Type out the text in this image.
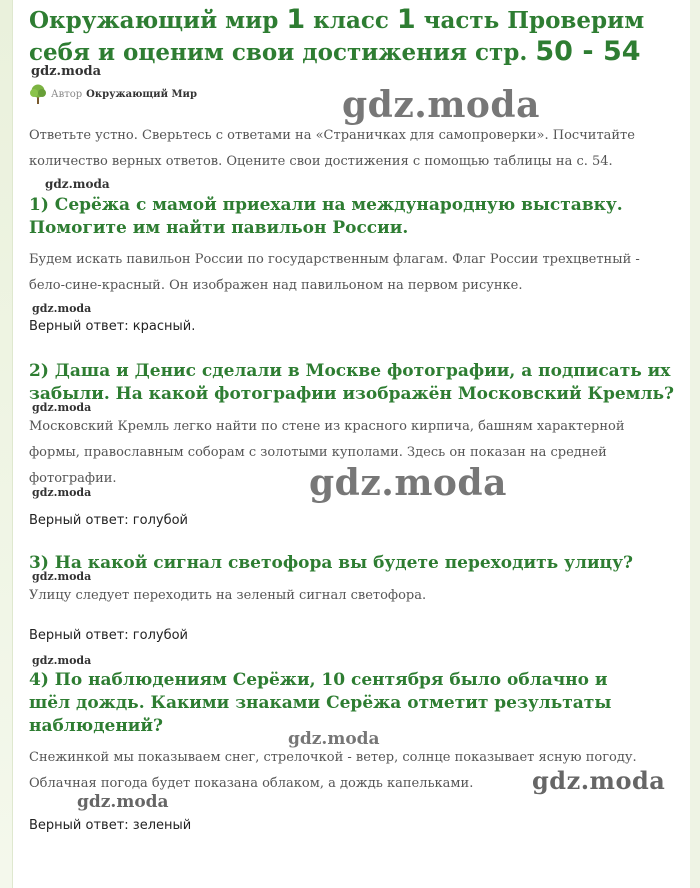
Окружающий мир 1 класс 1 часть Проверим себя и оценим свои достижения стр. 50 - 54
gdz.moda
Автор Окружающий Мир	gdz.moda
Ответьте устно. Сверьтесь с ответами на «Страничках для самопроверки». Посчитайте количество верных ответов. Оцените свои достижения с помощью таблицы на с. 54.
gdz.moda
1) Серёжа с мамой приехали на международную выставку. Помогите им найти павильон России.
Будем искать павильон России по государственным флагам. Флаг России трехцветный - бело-сине-красный. Он изображен над павильоном на первом рисунке.
gdz.moda
Верный ответ: красный.
2) Даша и Денис сделали в Москве фотографии, а подписать их забыли. На какой фотографии изображён Московский Кремль?
gdz.moda
Московский Кремль легко найти по стене из красного кирпича, башням характерной формы, православным соборам с золотыми куполами. Здесь он показан на средней фотографии.	gdz.moda
gdz.moda
Верный ответ: голубой
3) На какой сигнал светофора вы будете переходить улицу?
gdz.moda
Улицу следует переходить на зеленый сигнал светофора.
Верный ответ: голубой
gdz.moda
4) По наблюдениям Серёжи, 10 сентября было облачно и шёл дождь. Какими знаками Серёжа отметит результаты наблюдений?
gdz.moda
Снежинкой мы показываем снег, стрелочкой - ветер, солнце показывает ясную погоду. Облачная погода будет показана облаком, а дождь капельками.	gdz.moda
gdz.moda
Верный ответ: зеленый
